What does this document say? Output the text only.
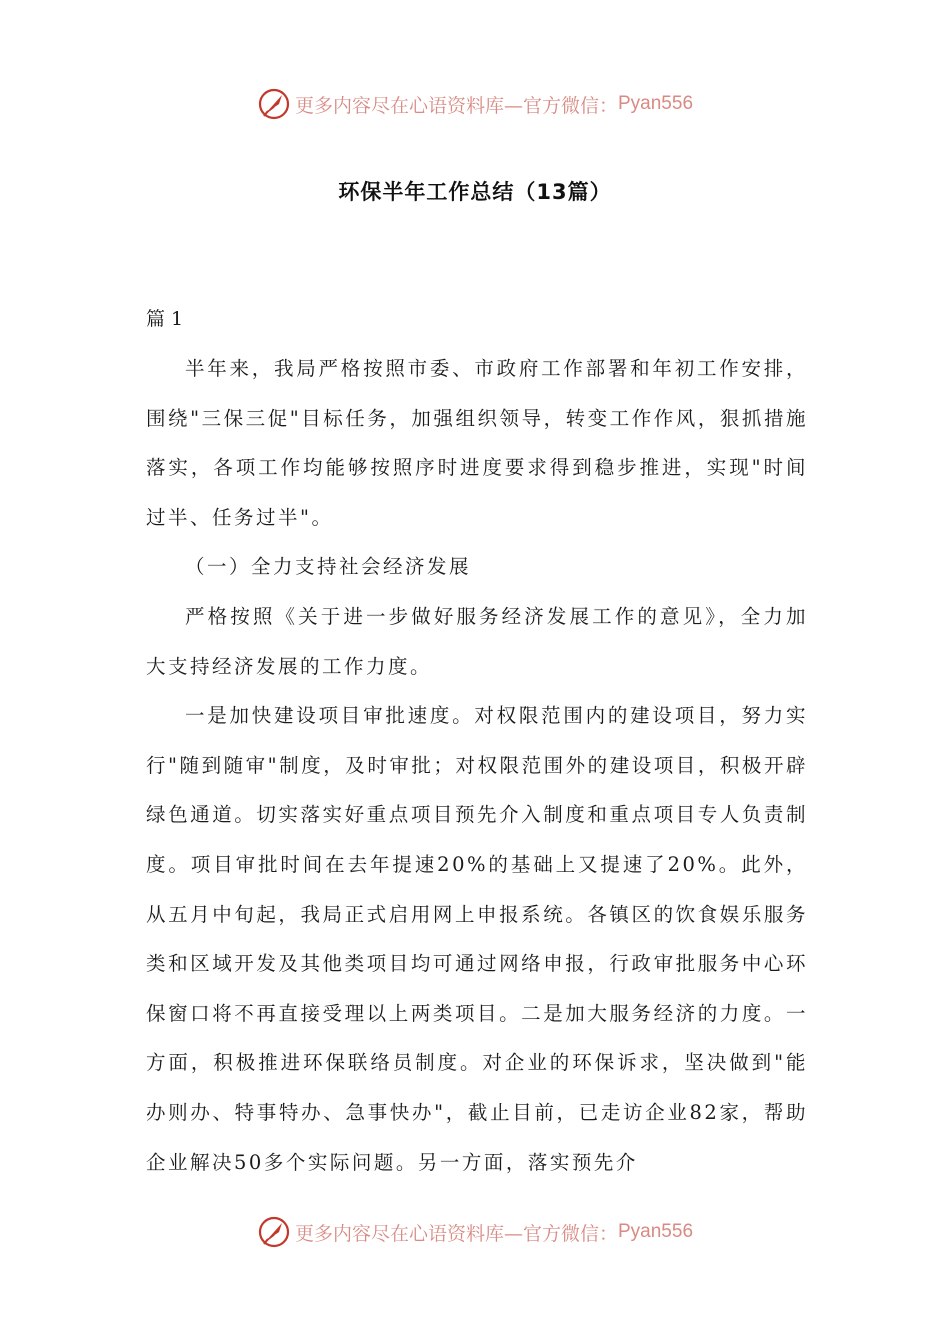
更多内容尽在心语资料库—官方微信： Pyan556
环保半年工作总结（13篇）
篇 1

半年来，我局严格按照市委、市政府工作部署和年初工作安排，围绕"三保三促"目标任务，加强组织领导，转变工作作风，狠抓措施落实，各项工作均能够按照序时进度要求得到稳步推进，实现"时间过半、任务过半"。

（一）全力支持社会经济发展

严格按照《关于进一步做好服务经济发展工作的意见》，全力加大支持经济发展的工作力度。

一是加快建设项目审批速度。对权限范围内的建设项目，努力实行"随到随审"制度，及时审批；对权限范围外的建设项目，积极开辟绿色通道。切实落实好重点项目预先介入制度和重点项目专人负责制度。项目审批时间在去年提速20%的基础上又提速了20%。此外，从五月中旬起，我局正式启用网上申报系统。各镇区的饮食娱乐服务类和区域开发及其他类项目均可通过网络申报，行政审批服务中心环保窗口将不再直接受理以上两类项目。二是加大服务经济的力度。一方面，积极推进环保联络员制度。对企业的环保诉求，坚决做到"能办则办、特事特办、急事快办"，截止目前，已走访企业82家，帮助企业解决50多个实际问题。另一方面，落实预先介

更多内容尽在心语资料库—官方微信： Pyan556
